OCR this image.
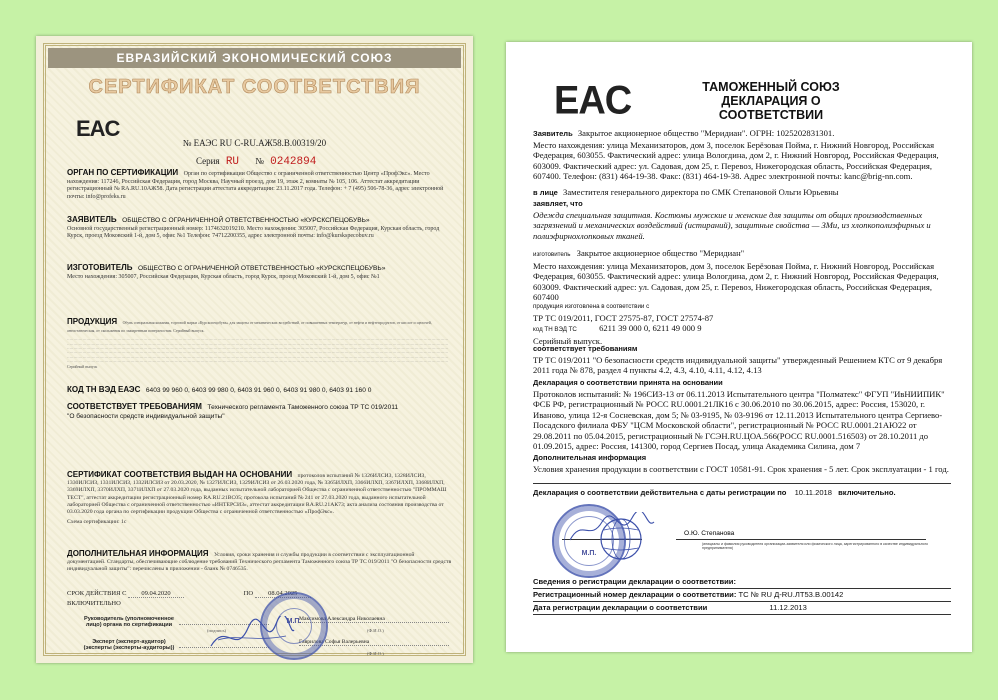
ЕВРАЗИЙСКИЙ ЭКОНОМИЧЕСКИЙ СОЮЗ
СЕРТИФИКАТ СООТВЕТСТВИЯ
EAC
№ ЕАЭС RU C-RU.АЖ58.В.00319/20
Серия RU № 0242894
ОРГАН ПО СЕРТИФИКАЦИИ Орган по сертификации Общество с ограниченной ответственностью Центр «ПрофЭкс». Место нахождения: 117246, Российская Федерация, город Москва, Научный проезд, дом 19, этаж 2, комнаты № 105, 106. Аттестат аккредитации регистрационный № RA.RU.10АЖ58. Дата регистрации аттестата аккредитации: 23.11.2017 года. Телефон: + 7 (495) 506-78-36, адрес электронной почты: info@profeks.ru
ЗАЯВИТЕЛЬ ОБЩЕСТВО С ОГРАНИЧЕННОЙ ОТВЕТСТВЕННОСТЬЮ «КУРСКСПЕЦОБУВЬ»
Основной государственный регистрационный номер: 1174632019210. Место нахождения: 305007, Российская Федерация, Курская область, город Курск, проезд Моковский 1-й, дом 5, офис №1 Телефон: 74712200355, адрес электронной почты: info@kurskspecobuv.ru
ИЗГОТОВИТЕЛЬ ОБЩЕСТВО С ОГРАНИЧЕННОЙ ОТВЕТСТВЕННОСТЬЮ «КУРСКСПЕЦОБУВЬ»
Место нахождения: 305007, Российская Федерация, Курская область, город Курск, проезд Моковский 1-й, дом 5, офис №1
ПРОДУКЦИЯ Обувь специальная кожаная, торговой марки «Курскспецобувь» для защиты от механических воздействий, от повышенных температур, от нефти и нефтепродуктов, от кислот и щелочей, антистатическая, от скольжения по зажиренным поверхностям. Серийный выпуск.
……………………………………………………………………………………………………………………………………………………………………………………………………………………………………………………………………
……………………………………………………………………………………………………………………………………………………………………………………………………………………………………………………………………
……………………………………………………………………………………………………………………………………………………………………………………………………………………………………………………………………
……………………………………………………………………………………………………………………………………………………………………………………………………………………………………………………………………
……………………………………………………………………………………………………………………………………………………………………………………………………………………………………………………………………
……………………………………………………………………………………………………………………………………………………………………………………………………………………………………………………………………
Серийный выпуск
КОД ТН ВЭД ЕАЭС 6403 99 960 0, 6403 99 980 0, 6403 91 960 0, 6403 91 980 0, 6403 91 160 0
СООТВЕТСТВУЕТ ТРЕБОВАНИЯМ Технического регламента Таможенного союза ТР ТС 019/2011
"О безопасности средств индивидуальной защиты"
СЕРТИФИКАТ СООТВЕТСТВИЯ ВЫДАН НА ОСНОВАНИИ протоколов испытаний № 1326ИЛСИЗ, 1328ИЛСИЗ, 1330ИЛСИЗ, 1331ИЛСИЗ, 1332ИЛСИЗ от 20.03.2020, № 1327ИЛСИЗ, 1329ИЛСИЗ от 26.03.2020 года, № 3365ИЛХП, 3366ИЛХП, 3367ИЛХП, 3368ИЛХП, 3369ИЛХП, 3370ИЛХП, 3371ИЛХП от 27.03.2020 года, выданных испытательной лабораторией Общества с ограниченной ответственностью "ПРОММАШ ТЕСТ", аттестат аккредитации регистрационный номер RA.RU.21ВС05; протокола испытаний № 241 от 27.03.2020 года, выданного испытательной лабораторией Общества с ограниченной ответственностью «ИНТЕРСИЗ», аттестат аккредитации RA.RU.21АК73; акта анализа состояния производства от 03.03.2020 года органа по сертификации продукции Общества с ограниченной ответственностью «ПрофЭкс».
Схема сертификации: 1с
ДОПОЛНИТЕЛЬНАЯ ИНФОРМАЦИЯ Условия, сроки хранения и службы продукции в соответствии с эксплуатационной документацией. Стандарты, обеспечивающие соблюдение требований Технического регламента Таможенного союза ТР ТС 019/2011 "О безопасности средств индивидуальной защиты": перечислены в приложении - бланк № 0746535.
СРОК ДЕЙСТВИЯ С 09.04.2020	ПО 08.04.2025
ВКЛЮЧИТЕЛЬНО
Руководитель (уполномоченное лицо) органа по сертификации

(подпись)
Максимова Александра Николаевна
(Ф.И.О.)
Эксперт (эксперт-аудитор) (эксперты (эксперты-аудиторы))

Гаврилова Софья Валерьевна
(Ф.И.О.)
М.П.
EAC	ТАМОЖЕННЫЙ СОЮЗ
ДЕКЛАРАЦИЯ О
СООТВЕТСТВИИ
Заявитель Закрытое акционерное общество "Меридиан". ОГРН: 1025202831301.
Место нахождения: улица Механизаторов, дом 3, поселок Берёзовая Пойма, г. Нижний Новгород, Российская Федерация, 603055. Фактический адрес: улица Вологдина, дом 2, г. Нижний Новгород, Российская Федерация, 603009. Фактический адрес: ул. Садовая, дом 25, г. Перевоз, Нижегородская область, Российская Федерация, 607400. Телефон: (831) 464-19-38. Факс: (831) 464-19-38. Адрес электронной почты: kanc@brig-nn.com.
в лице Заместителя генерального директора по СМК Степановой Ольги Юрьевны
заявляет, что
Одежда специальная защитная. Костюмы мужские и женские для защиты от общих производственных загрязнений и механических воздействий (истираний), защитные свойства — ЗМи, из хлопкополиэфирных и полиэфирнохлопковых тканей.
изготовитель Закрытое акционерное общество "Меридиан"
Место нахождения: улица Механизаторов, дом 3, поселок Берёзовая Пойма, г. Нижний Новгород, Российская Федерация, 603055. Фактический адрес: улица Вологдина, дом 2, г. Нижний Новгород, Российская Федерация, 603009. Фактический адрес: ул. Садовая, дом 25, г. Перевоз, Нижегородская область, Российская Федерация, 607400
продукция изготовлена в соответствии с
ТР ТС 019/2011, ГОСТ 27575-87, ГОСТ 27574-87
код ТН ВЭД ТС	6211 39 000 0, 6211 49 000 9
Серийный выпуск.
соответствует требованиям
ТР ТС 019/2011 "О безопасности средств индивидуальной защиты" утвержденный Решением КТС от 9 декабря 2011 года № 878, раздел 4 пункты 4.2, 4.3, 4.10, 4.11, 4.12, 4.13
Декларация о соответствии принята на основании
Протоколов испытаний: № 196СИЗ-13 от 06.11.2013 Испытательного центра "Полматекс" ФГУП "ИвНИИПИК" ФСБ РФ, регистрационный № РОСС RU.0001.21ЛК16 с 30.06.2010 по 30.06.2015, адрес: Россия, 153020, г. Иваново, улица 12-я Сосневская, дом 5; № 03-9195, № 03-9196 от 12.11.2013 Испытательного центра Сергиево-Посадского филиала ФБУ "ЦСМ Московской области", регистрационный № РОСС RU.0001.21АЮ22 от 29.08.2011 по 05.04.2015, регистрационный № ГСЭН.RU.ЦОА.566(РОСС RU.0001.516503) от 28.10.2011 до 01.09.2015, адрес: Россия, 141300, город Сергиев Посад, улица Академика Силина, дом 7
Дополнительная информация
Условия хранения продукции в соответствии с ГОСТ 10581-91. Срок хранения - 5 лет. Срок эксплуатации - 1 год.
Декларация о соответствии действительна с даты регистрации по 10.11.2018 включительно.
О.Ю. Степанова
(инициалы и фамилия руководителя организации-заявителя или физического лица, зарегистрированного в качестве индивидуального предпринимателя)
М.П.
Сведения о регистрации декларации о соответствии:
Регистрационный номер декларации о соответствии: ТС № RU Д-RU.ЛТ53.В.00142
Дата регистрации декларации о соответствии	11.12.2013
